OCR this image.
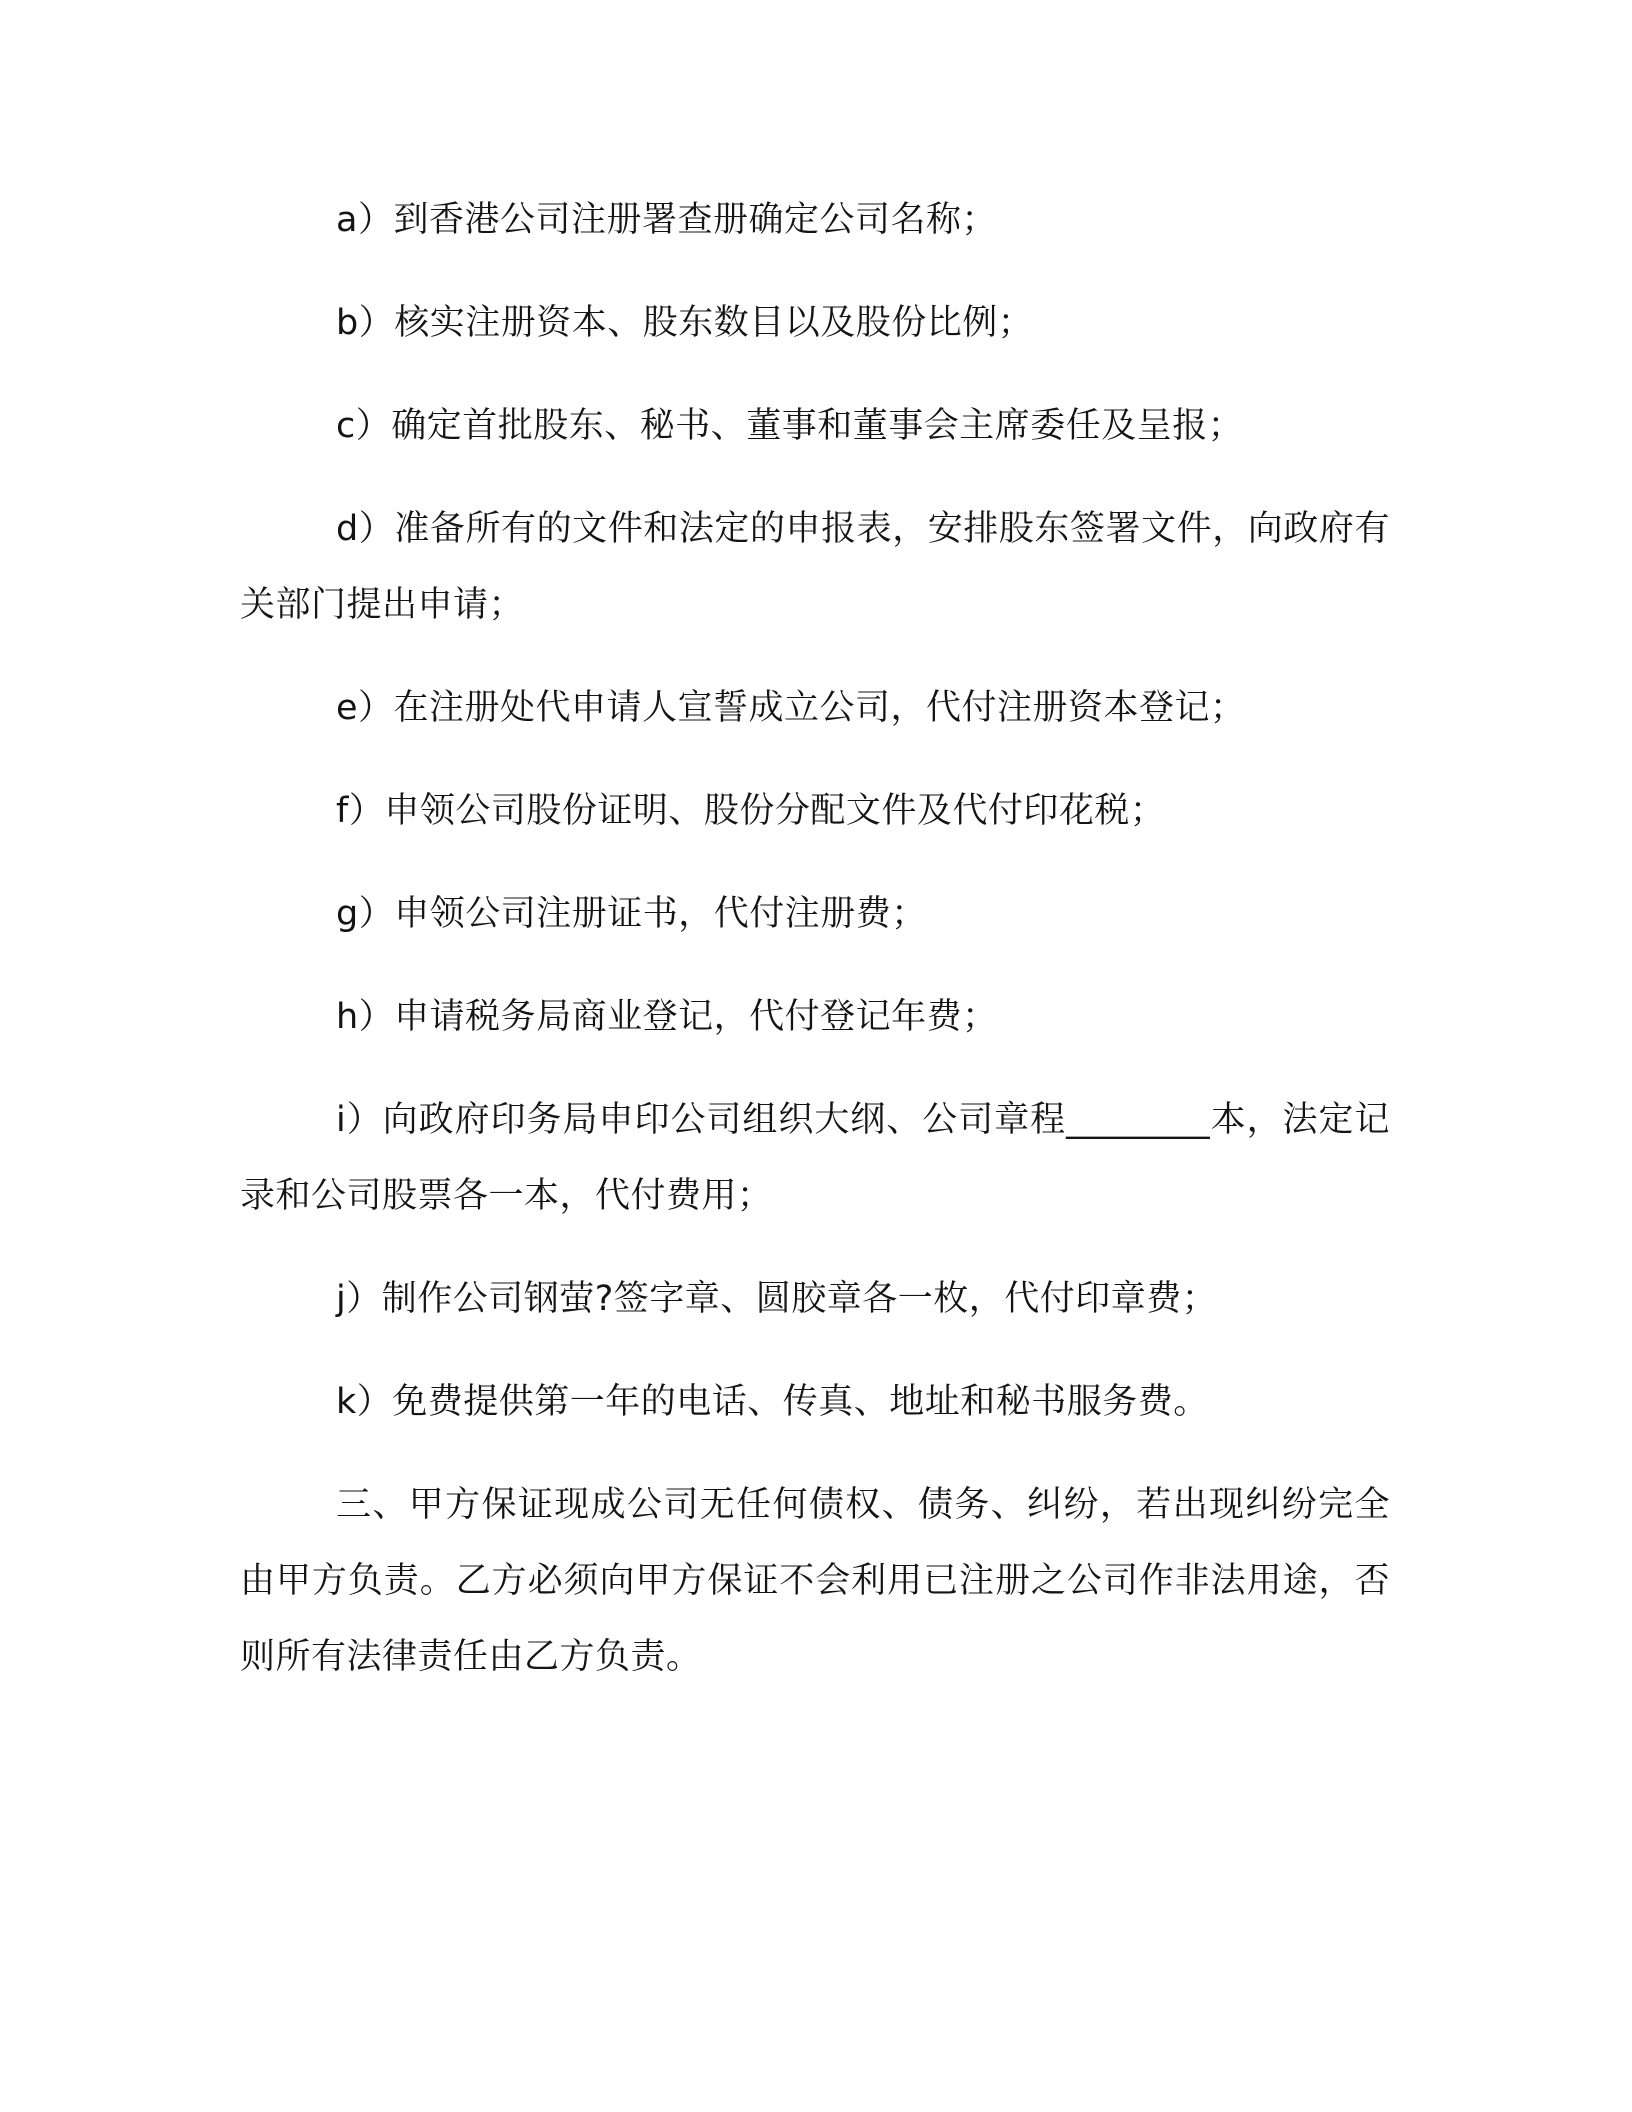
a）到香港公司注册署查册确定公司名称；

b）核实注册资本、股东数目以及股份比例；

c）确定首批股东、秘书、董事和董事会主席委任及呈报；

d）准备所有的文件和法定的申报表，安排股东签署文件，向政府有关部门提出申请；

e）在注册处代申请人宣誓成立公司，代付注册资本登记；

f）申领公司股份证明、股份分配文件及代付印花税；

g）申领公司注册证书，代付注册费；

h）申请税务局商业登记，代付登记年费；

i）向政府印务局申印公司组织大纲、公司章程________本，法定记录和公司股票各一本，代付费用；

j）制作公司钢萤?签字章、圆胶章各一枚，代付印章费；

k）免费提供第一年的电话、传真、地址和秘书服务费。

三、甲方保证现成公司无任何债权、债务、纠纷，若出现纠纷完全由甲方负责。乙方必须向甲方保证不会利用已注册之公司作非法用途，否则所有法律责任由乙方负责。
